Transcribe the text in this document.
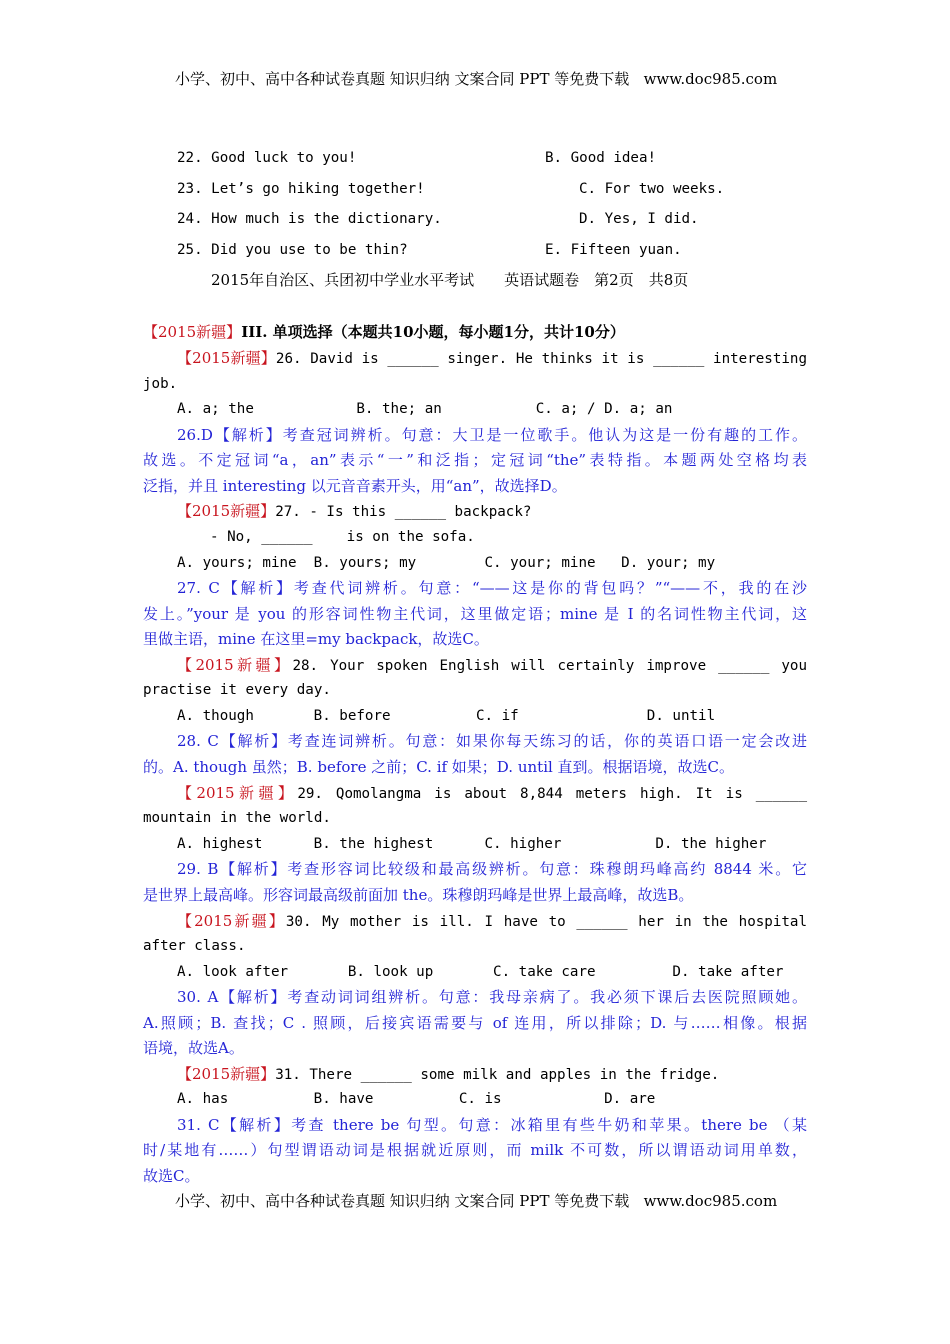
小学、初中、高中各种试卷真题 知识归纳 文案合同 PPT 等免费下载 www.doc985.com
22. Good luck to you!	B. Good idea!
23. Let’s go hiking together!	C. For two weeks.
24. How much is the dictionary.	D. Yes, I did.
25. Did you use to be thin?	E. Fifteen yuan.
2015年自治区、兵团初中学业水平考试　　英语试题卷　第2页　共8页
【2015新疆】III. 单项选择（本题共10小题，每小题1分，共计10分）
【2015新疆】26. David is ______ singer. He thinks it is ______ interesting
job.
A. a; the            B. the; an           C. a; / D. a; an
26.D【解析】考查冠词辨析。句意：大卫是一位歌手。他认为这是一份有趣的工作。
故选。不定冠词“a，an”表示“一”和泛指；定冠词“the”表特指。本题两处空格均表
泛指，并且 interesting 以元音音素开头，用“an”，故选择D。
【2015新疆】27. - Is this ______ backpack?
- No, ______    is on the sofa.
A. yours; mine  B. yours; my        C. your; mine   D. your; my
27. C【解析】考查代词辨析。句意：“——这是你的背包吗？”“——不，我的在沙
发上。”your 是 you 的形容词性物主代词，这里做定语；mine 是 I 的名词性物主代词，这
里做主语，mine 在这里=my backpack，故选C。
【2015新疆】28. Your spoken English will certainly improve ______ you
practise it every day.
A. though       B. before          C. if               D. until
28. C【解析】考查连词辨析。句意：如果你每天练习的话，你的英语口语一定会改进
的。A. though 虽然；B. before 之前；C. if 如果；D. until 直到。根据语境，故选C。
【2015新疆】29. Qomolangma is about 8,844 meters high. It is ______
mountain in the world.
A. highest      B. the highest      C. higher           D. the higher
29. B【解析】考查形容词比较级和最高级辨析。句意：珠穆朗玛峰高约 8844 米。它
是世界上最高峰。形容词最高级前面加 the。珠穆朗玛峰是世界上最高峰，故选B。
【2015新疆】30. My mother is ill. I have to ______ her in the hospital
after class.
A. look after       B. look up       C. take care         D. take after
30. A【解析】考查动词词组辨析。句意：我母亲病了。我必须下课后去医院照顾她。
A.照顾；B. 查找；C . 照顾，后接宾语需要与 of 连用，所以排除；D. 与……相像。根据
语境，故选A。
【2015新疆】31. There ______ some milk and apples in the fridge.
A. has          B. have          C. is            D. are
31. C【解析】考查 there be 句型。句意：冰箱里有些牛奶和苹果。there be （某
时/某地有……）句型谓语动词是根据就近原则，而 milk 不可数，所以谓语动词用单数，
故选C。
小学、初中、高中各种试卷真题 知识归纳 文案合同 PPT 等免费下载 www.doc985.com
